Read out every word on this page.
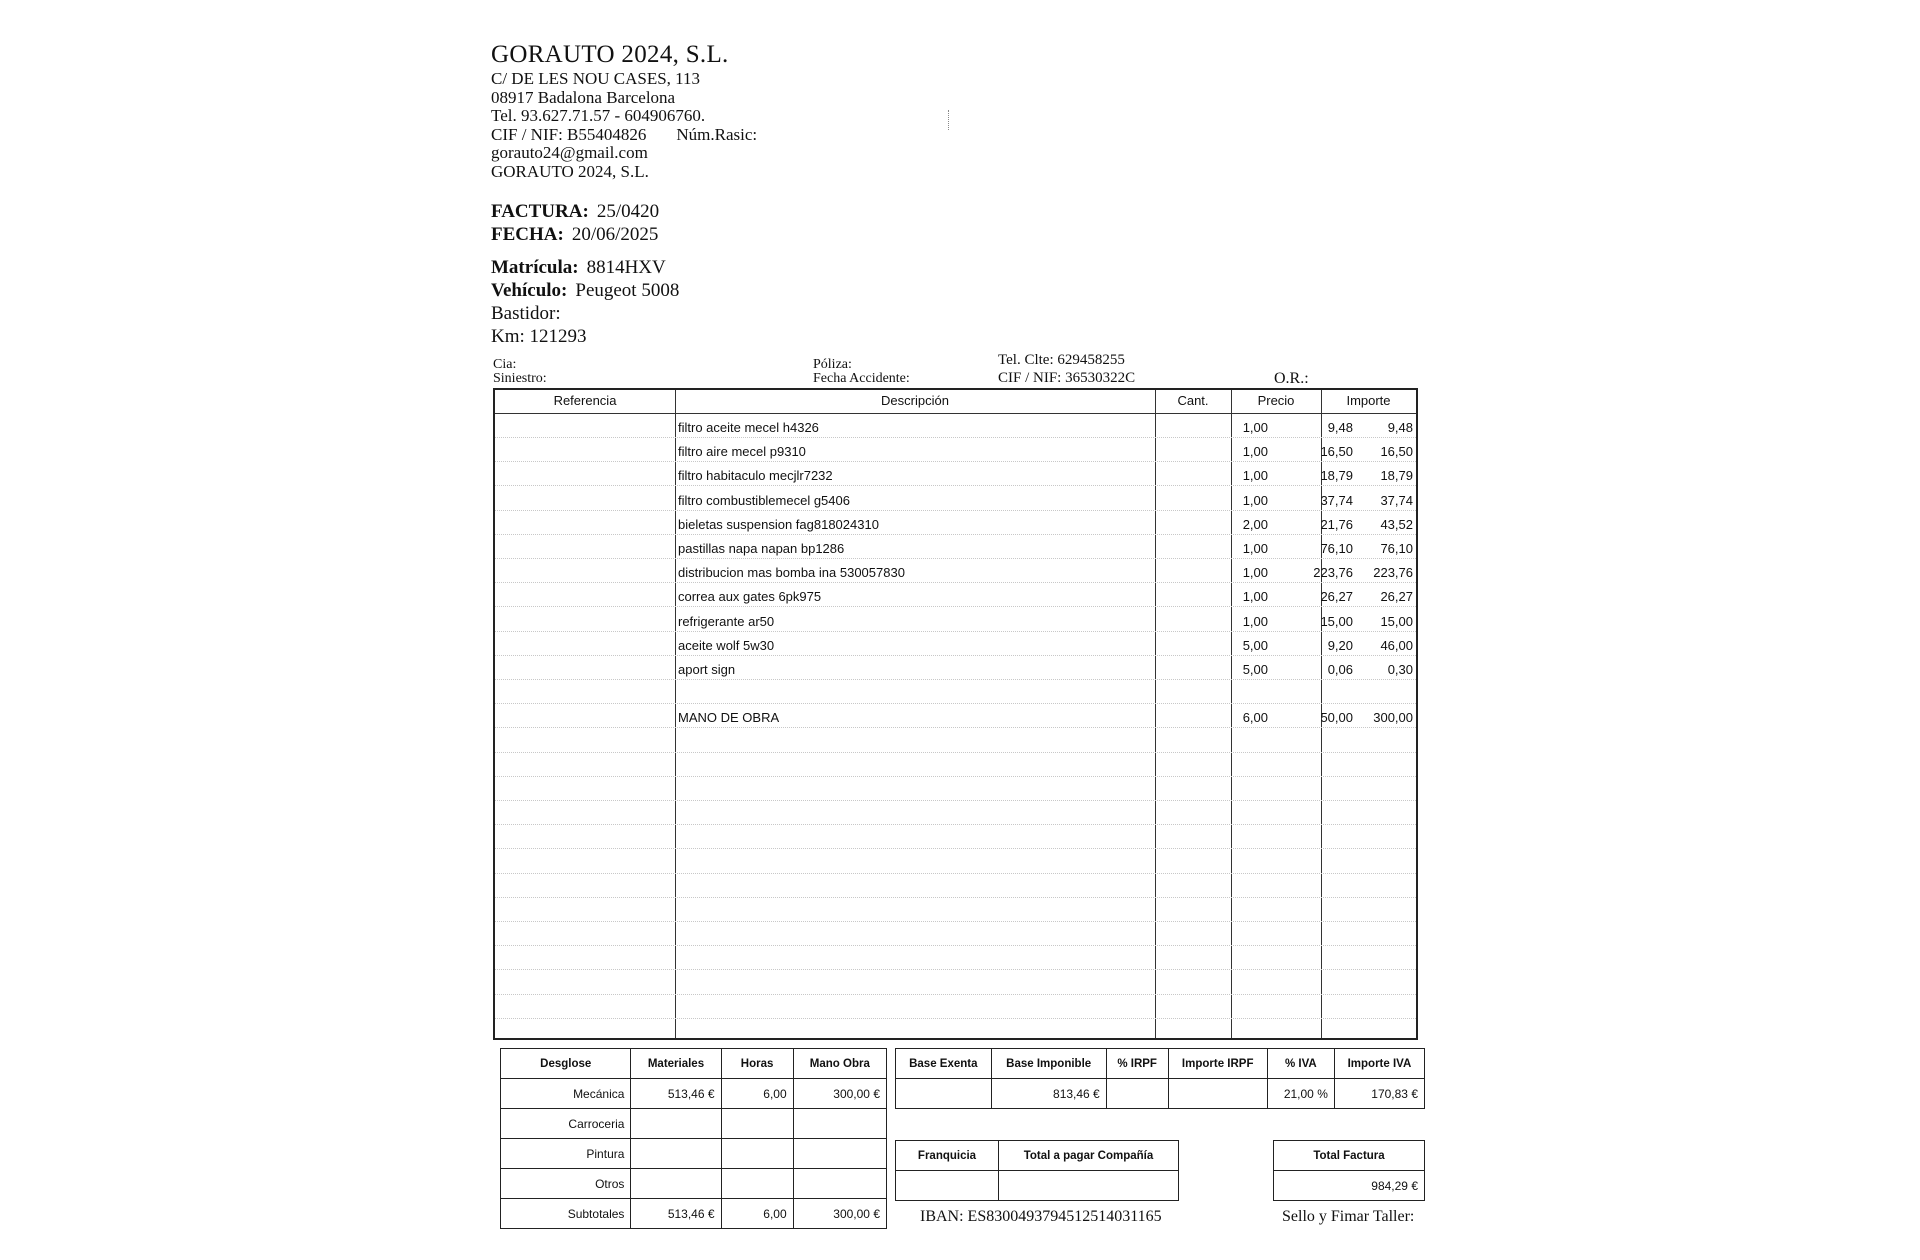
GORAUTO 2024, S.L.
C/ DE LES NOU CASES, 113
08917 Badalona Barcelona
Tel. 93.627.71.57 - 604906760.
CIF / NIF: B55404826 Núm.Rasic:
gorauto24@gmail.com
GORAUTO 2024, S.L.
FACTURA: 25/0420
FECHA: 20/06/2025
Matrícula: 8814HXV
Vehículo: Peugeot 5008
Bastidor:
Km: 121293
Cia:
Siniestro:
Póliza:
Fecha Accidente:
Tel. Clte: 629458255
CIF / NIF: 36530322C	O.R.:
Referencia	Descripción	Cant.	Precio	Importe
filtro aceite mecel h4326	1,00	9,48	9,48
filtro aire mecel p9310	1,00	16,50	16,50
filtro habitaculo mecjlr7232	1,00	18,79	18,79
filtro combustiblemecel g5406	1,00	37,74	37,74
bieletas suspension fag818024310	2,00	21,76	43,52
pastillas napa napan bp1286	1,00	76,10	76,10
distribucion mas bomba ina 530057830	1,00	223,76	223,76
correa aux gates 6pk975	1,00	26,27	26,27
refrigerante ar50	1,00	15,00	15,00
aceite wolf 5w30	5,00	9,20	46,00
aport sign	5,00	0,06	0,30
MANO DE OBRA	6,00	50,00	300,00
Desglose	Materiales	Horas	Mano Obra
Mecánica	513,46 €	6,00	300,00 €
Carroceria			
Pintura			
Otros			
Subtotales	513,46 €	6,00	300,00 €
Base Exenta	Base Imponible	% IRPF	Importe IRPF	% IVA	Importe IVA
	813,46 €			21,00 %	170,83 €
Franquicia	Total a pagar Compañía
		Total Factura
984,29 €
IBAN: ES8300493794512514031165	Sello y Fimar Taller:
